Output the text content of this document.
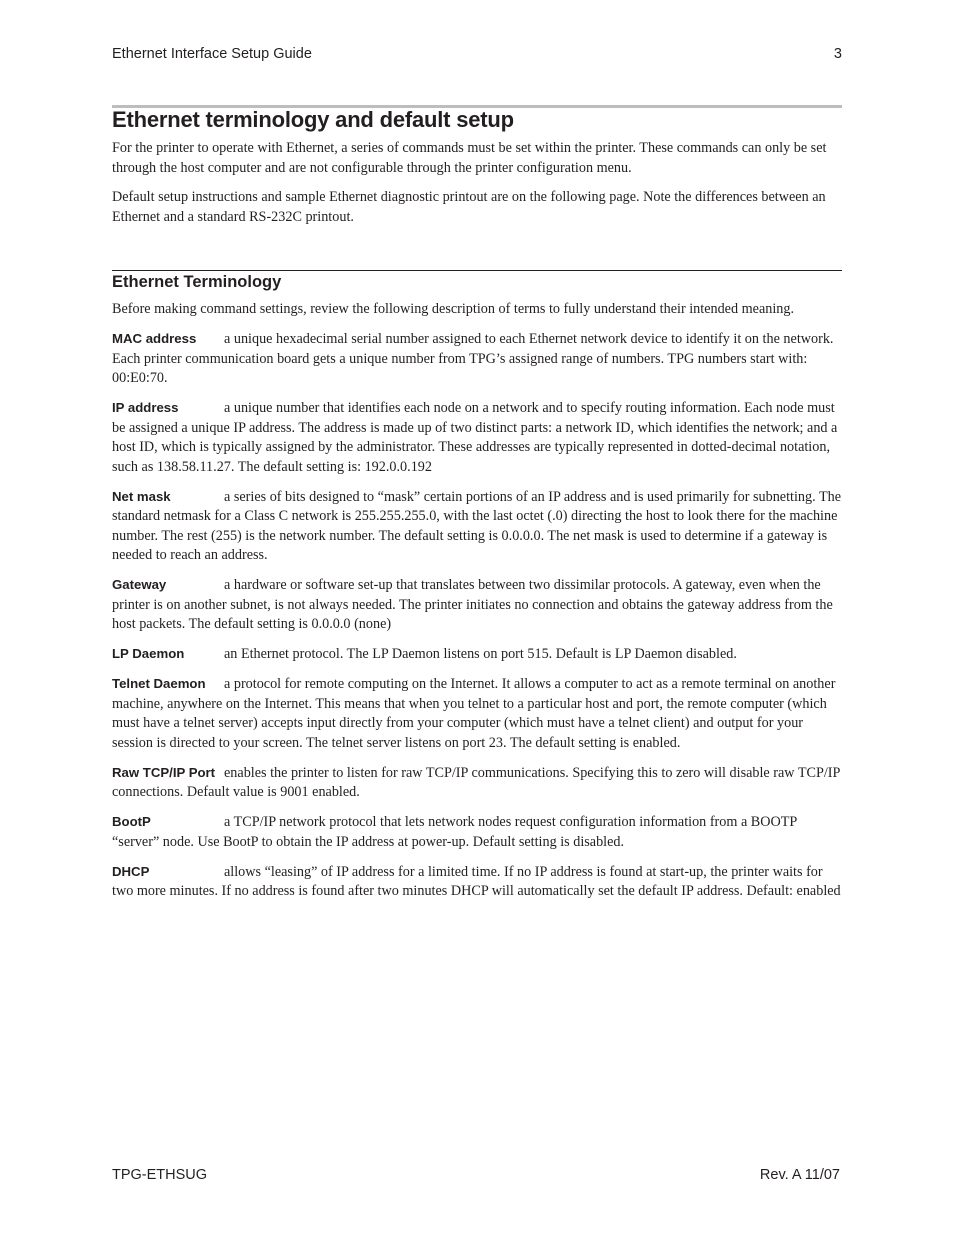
Ethernet Interface Setup Guide	3
Ethernet terminology and default setup

For the printer to operate with Ethernet, a series of commands must be set within the printer. These commands can only be set through the host computer and are not configurable through the printer configuration menu.

Default setup instructions and sample Ethernet diagnostic printout are on the following page. Note the differences between an Ethernet and a standard RS-232C printout.

Ethernet Terminology
Before making command settings, review the following description of terms to fully understand their intended meaning.

MAC address a unique hexadecimal serial number assigned to each Ethernet network device to identify it on the network. Each printer communication board gets a unique number from TPG’s assigned range of numbers. TPG numbers start with: 00:E0:70.

IP address	a unique number that identifies each node on a network and to specify routing information. Each node must be assigned a unique IP address. The address is made up of two distinct parts: a network ID, which identifies the network; and a host ID, which is typically assigned by the administrator. These addresses are typically represented in dotted-decimal notation, such as 138.58.11.27. The default setting is: 192.0.0.192

Net mask	a series of bits designed to “mask” certain portions of an IP address and is used primarily for subnetting. The standard netmask for a Class C network is 255.255.255.0, with the last octet (.0) directing the host to look there for the machine number. The rest (255) is the network number. The default setting is 0.0.0.0. The net mask is used to determine if a gateway is needed to reach an address.

Gateway	a hardware or software set-up that translates between two dissimilar protocols. A gateway, even when the printer is on another subnet, is not always needed. The printer initiates no connection and obtains the gateway address from the host packets. The default setting is 0.0.0.0 (none)

LP Daemon	an Ethernet protocol. The LP Daemon listens on port 515. Default is LP Daemon disabled.

Telnet Daemon a protocol for remote computing on the Internet. It allows a computer to act as a remote terminal on another machine, anywhere on the Internet. This means that when you telnet to a particular host and port, the remote computer (which must have a telnet server) accepts input directly from your computer (which must have a telnet client) and output for your session is directed to your screen. The telnet server listens on port 23. The default setting is enabled.

Raw TCP/IP Port enables the printer to listen for raw TCP/IP communications. Specifying this to zero will disable raw TCP/IP connections. Default value is 9001 enabled.

BootP	a TCP/IP network protocol that lets network nodes request configuration information from a BOOTP “server” node. Use BootP to obtain the IP address at power-up. Default setting is disabled.

DHCP	allows “leasing” of IP address for a limited time. If no IP address is found at start-up, the printer waits for two more minutes. If no address is found after two minutes DHCP will automatically set the default IP address. Default: enabled

TPG-ETHSUG	Rev. A 11/07
